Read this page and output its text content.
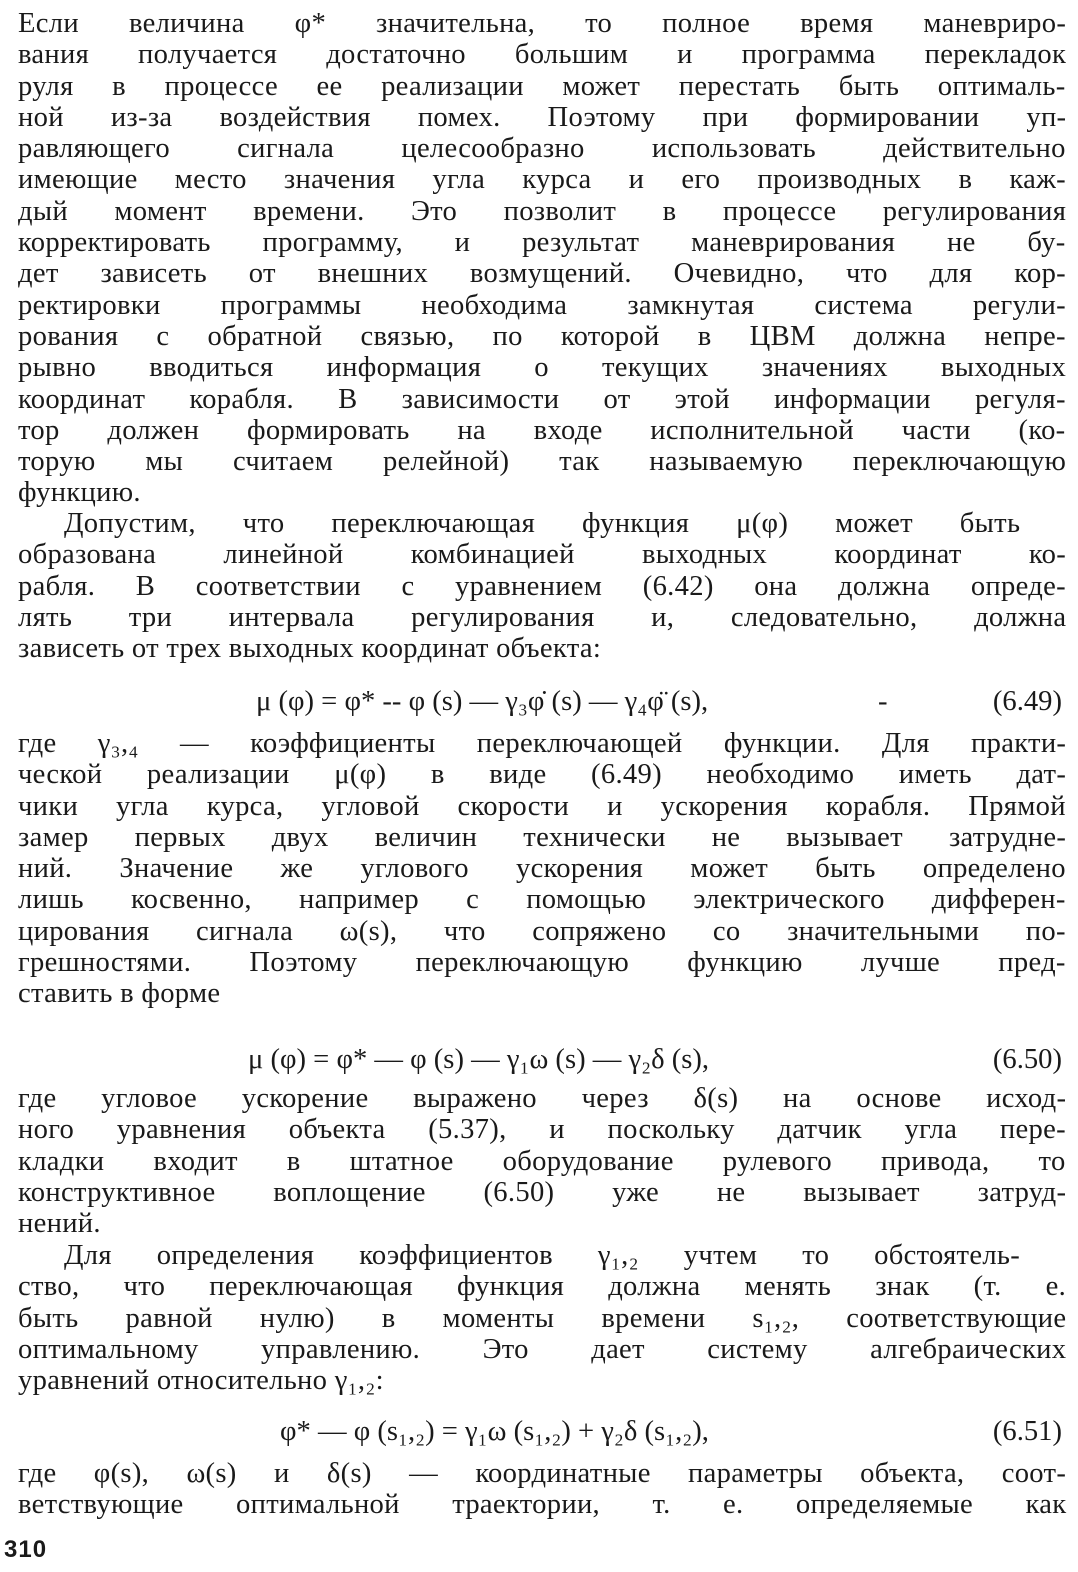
Если величина φ* значительна, то полное время маневриро-
вания получается достаточно большим и программа перекладок
руля в процессе ее реализации может перестать быть оптималь-
ной из-за воздействия помех. Поэтому при формировании уп-
равляющего сигнала целесообразно использовать действительно
имеющие место значения угла курса и его производных в каж-
дый момент времени. Это позволит в процессе регулирования
корректировать программу, и результат маневрирования не бу-
дет зависеть от внешних возмущений. Очевидно, что для кор-
ректировки программы необходима замкнутая система регули-
рования с обратной связью, по которой в ЦВМ должна непре-
рывно вводиться информация о текущих значениях выходных
координат корабля. В зависимости от этой информации регуля-
тор должен формировать на входе исполнительной части (ко-
торую мы считаем релейной) так называемую переключающую
функцию.
Допустим, что переключающая функция μ(φ) может быть
образована линейной комбинацией выходных координат ко-
рабля. В соответствии с уравнением (6.42) она должна опреде-
лять три интервала регулирования и, следовательно, должна
зависеть от трех выходных координат объекта:
μ (φ) = φ* -- φ (s) — γ₃φ̇ (s) — γ₄φ̈ (s),	-	(6.49)
где γ₃,₄ — коэффициенты переключающей функции. Для практи-
ческой реализации μ(φ) в виде (6.49) необходимо иметь дат-
чики угла курса, угловой скорости и ускорения корабля. Прямой
замер первых двух величин технически не вызывает затрудне-
ний. Значение же углового ускорения может быть определено
лишь косвенно, например с помощью электрического дифферен-
цирования сигнала ω(s), что сопряжено со значительными по-
грешностями. Поэтому переключающую функцию лучше пред-
ставить в форме
μ (φ) = φ* — φ (s) — γ₁ω (s) — γ₂δ (s),	(6.50)
где угловое ускорение выражено через δ(s) на основе исход-
ного уравнения объекта (5.37), и поскольку датчик угла пере-
кладки входит в штатное оборудование рулевого привода, то
конструктивное воплощение (6.50) уже не вызывает затруд-
нений.
Для определения коэффициентов γ₁,₂ учтем то обстоятель-
ство, что переключающая функция должна менять знак (т. е.
быть равной нулю) в моменты времени s₁,₂, соответствующие
оптимальному управлению. Это дает систему алгебраических
уравнений относительно γ₁,₂:
φ* — φ (s₁,₂) = γ₁ω (s₁,₂) + γ₂δ (s₁,₂),	(6.51)
где φ(s), ω(s) и δ(s) — координатные параметры объекта, соот-
ветствующие оптимальной траектории, т. е. определяемые как
310
